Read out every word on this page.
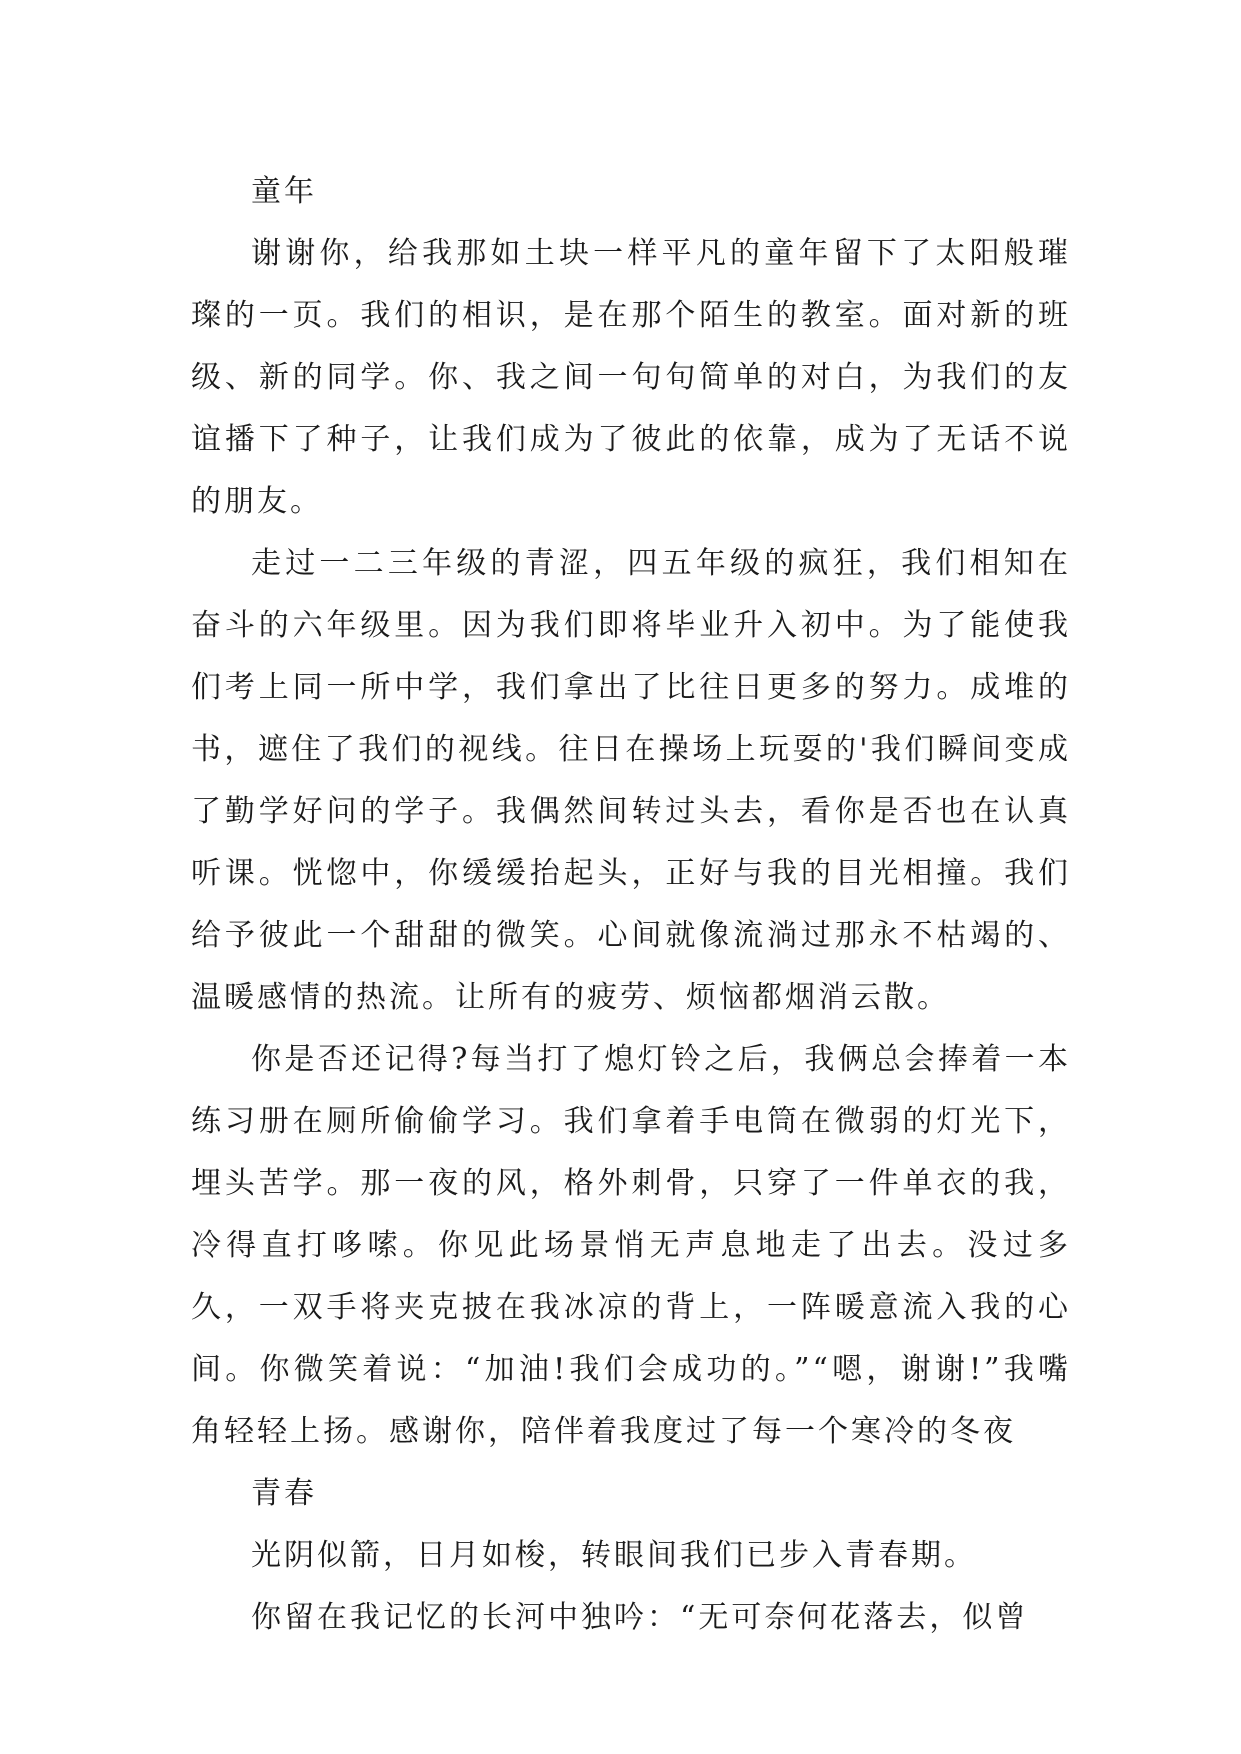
童年

谢谢你，给我那如土块一样平凡的童年留下了太阳般璀璨的一页。我们的相识，是在那个陌生的教室。面对新的班级、新的同学。你、我之间一句句简单的对白，为我们的友谊播下了种子，让我们成为了彼此的依靠，成为了无话不说的朋友。

走过一二三年级的青涩，四五年级的疯狂，我们相知在奋斗的六年级里。因为我们即将毕业升入初中。为了能使我们考上同一所中学，我们拿出了比往日更多的努力。成堆的书，遮住了我们的视线。往日在操场上玩耍的'我们瞬间变成了勤学好问的学子。我偶然间转过头去，看你是否也在认真听课。恍惚中，你缓缓抬起头，正好与我的目光相撞。我们给予彼此一个甜甜的微笑。心间就像流淌过那永不枯竭的、温暖感情的热流。让所有的疲劳、烦恼都烟消云散。

你是否还记得?每当打了熄灯铃之后，我俩总会捧着一本练习册在厕所偷偷学习。我们拿着手电筒在微弱的灯光下，埋头苦学。那一夜的风，格外刺骨，只穿了一件单衣的我，冷得直打哆嗦。你见此场景悄无声息地走了出去。没过多久，一双手将夹克披在我冰凉的背上，一阵暖意流入我的心间。你微笑着说：“加油!我们会成功的。”“嗯，谢谢!”我嘴角轻轻上扬。感谢你，陪伴着我度过了每一个寒冷的冬夜

青春

光阴似箭，日月如梭，转眼间我们已步入青春期。

你留在我记忆的长河中独吟：“无可奈何花落去，似曾
